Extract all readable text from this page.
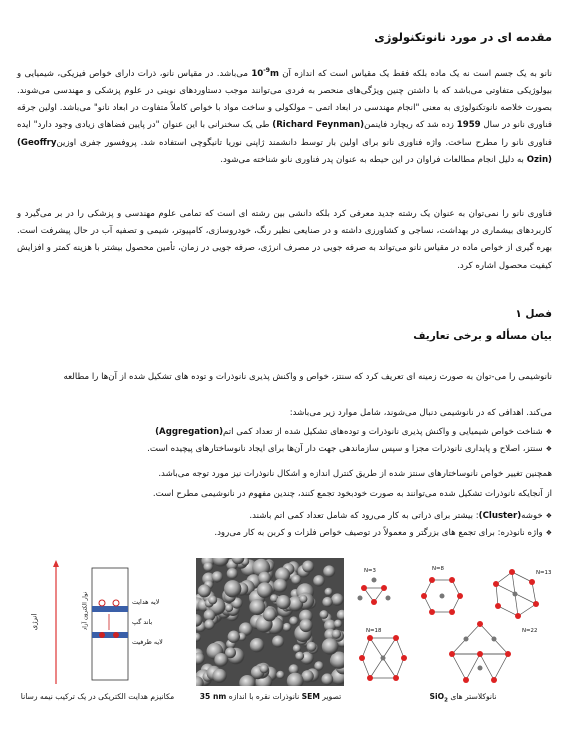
مقدمه ای در مورد نانوتکنولوژی

نانو به یک جسم است نه یک ماده بلکه فقط یک مقیاس است که اندازه آن $10^{-9}m$ می‌باشد. در مقیاس نانو، ذرات دارای خواص فیزیکی، شیمیایی و بیولوژیکی متفاوتی می‌باشد که با داشتن چنین ویژگی‌های منحصر به فردی می‌توانند موجب دستاوردهای نوینی در علوم پزشکی و مهندسی می‌شوند. بصورت خلاصه نانوتکنولوژی به معنی "انجام مهندسی در ابعاد اتمی – مولکولی و ساخت مواد با خواص کاملاً متفاوت در ابعاد نانو" می‌باشد. اولین جرقه فناوری نانو در سال 1959 زده شد که ریچارد فاینمن(Richard Feynman) طی یک سخنرانی با این عنوان "در پایین فضاهای زیادی وجود دارد" ایده فناوری نانو را مطرح ساخت. واژه فناوری نانو برای اولین بار توسط دانشمند ژاپنی نوریا تانیگوچی استفاده شد. پروفسور جفری اوزین(Geoffry Ozin) به دلیل انجام مطالعات فراوان در این حیطه به عنوان پدر فناوری نانو شناخته می‌شود.

فناوری نانو را نمی‌توان به عنوان یک رشته جدید معرفی کرد بلکه دانشی بین رشته ای است که تمامی علوم مهندسی و پزشکی را در بر می‌گیرد و کاربردهای بیشماری در بهداشت، نساجی و کشاورزی داشته و در صنایعی نظیر رنگ، خودروسازی، کامپیوتر، شیمی و تصفیه آب در حال پیشرفت است. بهره گیری از خواص ماده در مقیاس نانو می‌تواند به صرفه جویی در مصرف انرژی، صرفه جویی در زمان، تأمین محصول بیشتر با هزینه کمتر و افزایش کیفیت محصول اشاره کرد.

فصل ۱
بیان مسأله و برخی تعاریف

نانوشیمی را می-توان به صورت زمینه ای تعریف کرد که سنتز، خواص و واکنش پذیری نانوذرات و توده های تشکیل شده از آن‌ها را مطالعه

می‌کند. اهدافی که در نانوشیمی دنبال می‌شوند، شامل موارد زیر می‌باشد:

❖شناخت خواص شیمیایی و واکنش پذیری نانوذرات و توده‌های تشکیل شده از تعداد کمی اتم(Aggregation)
❖سنتز، اصلاح و پایداری نانوذرات مجزا و سپس سازماندهی جهت دار آن‌ها برای ایجاد نانوساختارهای پیچیده است.

همچنین تغییر خواص نانوساختارهای سنتز شده از طریق کنترل اندازه و اشکال نانوذرات نیز مورد توجه می‌باشد.

از آنجایکه نانوذرات تشکیل شده می‌توانند به صورت خودبخود تجمع کنند، چندین مفهوم در نانوشیمی مطرح است.

❖خوشه(Cluster): بیشتر برای ذراتی به کار می‌رود که شامل تعداد کمی اتم باشند.
❖واژه نانوذره: برای تجمع های بزرگتر و معمولاً در توصیف خواص فلزات و کربن به کار می‌رود.
انرژی	نوار الکترون آزاد	لایه هدایت
باند گپ
لایه ظرفیت
N=3	N=8
N=13
N=18	N=22
مکانیزم هدایت الکتریکی در یک ترکیب نیمه رسانا	تصویر SEM نانوذرات نقره با اندازه 35 nm	نانوکلاستر های SiO$_2$
